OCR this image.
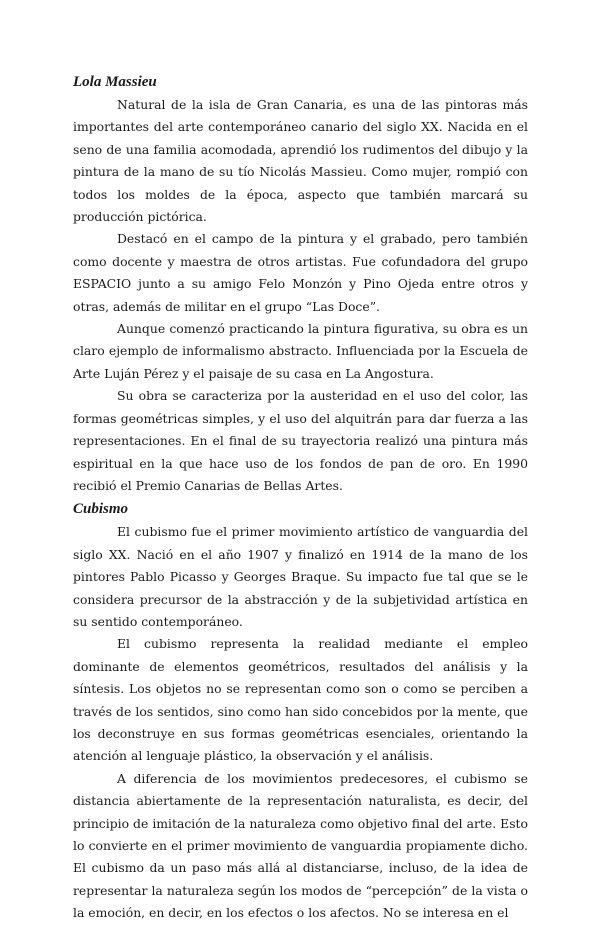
Lola Massieu

Natural de la isla de Gran Canaria, es una de las pintoras más importantes del arte contemporáneo canario del siglo XX. Nacida en el seno de una familia acomodada, aprendió los rudimentos del dibujo y la pintura de la mano de su tío Nicolás Massieu. Como mujer, rompió con todos los moldes de la época, aspecto que también marcará su producción pictórica.

Destacó en el campo de la pintura y el grabado, pero también como docente y maestra de otros artistas. Fue cofundadora del grupo ESPACIO junto a su amigo Felo Monzón y Pino Ojeda entre otros y otras, además de militar en el grupo “Las Doce”.

Aunque comenzó practicando la pintura figurativa, su obra es un claro ejemplo de informalismo abstracto. Influenciada por la Escuela de Arte Luján Pérez y el paisaje de su casa en La Angostura.

Su obra se caracteriza por la austeridad en el uso del color, las formas geométricas simples, y el uso del alquitrán para dar fuerza a las representaciones. En el final de su trayectoria realizó una pintura más espiritual en la que hace uso de los fondos de pan de oro. En 1990 recibió el Premio Canarias de Bellas Artes.

Cubismo

El cubismo fue el primer movimiento artístico de vanguardia del siglo XX. Nació en el año 1907 y finalizó en 1914 de la mano de los pintores Pablo Picasso y Georges Braque. Su impacto fue tal que se le considera precursor de la abstracción y de la subjetividad artística en su sentido contemporáneo.

El cubismo representa la realidad mediante el empleo dominante de elementos geométricos, resultados del análisis y la síntesis. Los objetos no se representan como son o como se perciben a través de los sentidos, sino como han sido concebidos por la mente, que los deconstruye en sus formas geométricas esenciales, orientando la atención al lenguaje plástico, la observación y el análisis.

A diferencia de los movimientos predecesores, el cubismo se distancia abiertamente de la representación naturalista, es decir, del principio de imitación de la naturaleza como objetivo final del arte. Esto lo convierte en el primer movimiento de vanguardia propiamente dicho. El cubismo da un paso más allá al distanciarse, incluso, de la idea de representar la naturaleza según los modos de “percepción” de la vista o la emoción, en decir, en los efectos o los afectos. No se interesa en el
